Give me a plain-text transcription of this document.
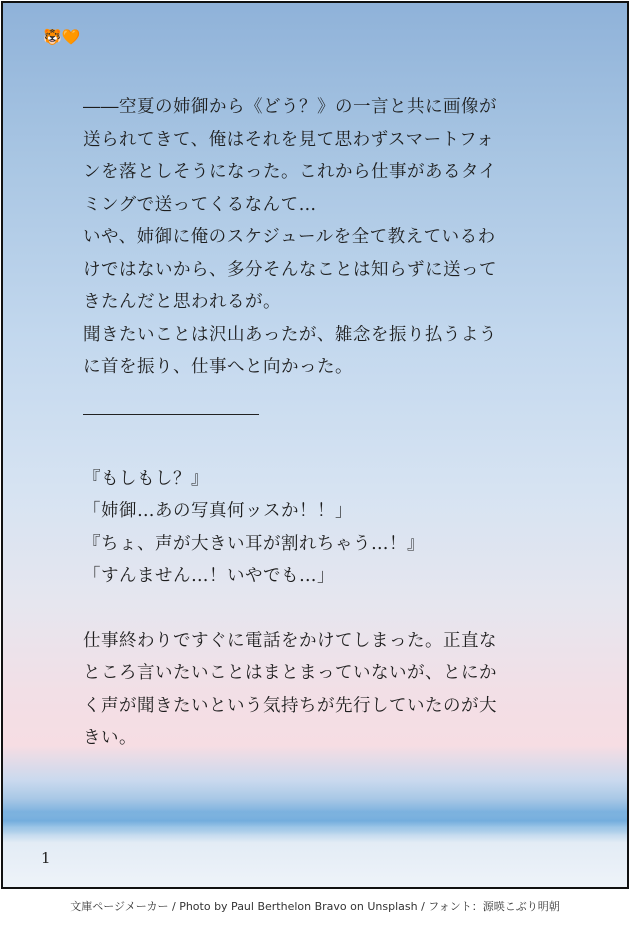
🐯🧡

――空夏の姉御から《どう？》の一言と共に画像が
送られてきて、俺はそれを見て思わずスマートフォ
ンを落としそうになった。これから仕事があるタイ
ミングで送ってくるなんて…
いや、姉御に俺のスケジュールを全て教えているわ
けではないから、多分そんなことは知らずに送って
きたんだと思われるが。
聞きたいことは沢山あったが、雑念を振り払うよう
に首を振り、仕事へと向かった。

『もしもし？』
「姉御…あの写真何ッスか！！」
『ちょ、声が大きい耳が割れちゃう…！』
「すんません…！いやでも…」

仕事終わりですぐに電話をかけてしまった。正直な
ところ言いたいことはまとまっていないが、とにか
く声が聞きたいという気持ちが先行していたのが大
きい。

1
文庫ページメーカー / Photo by Paul Berthelon Bravo on Unsplash / フォント：源暎こぶり明朝
